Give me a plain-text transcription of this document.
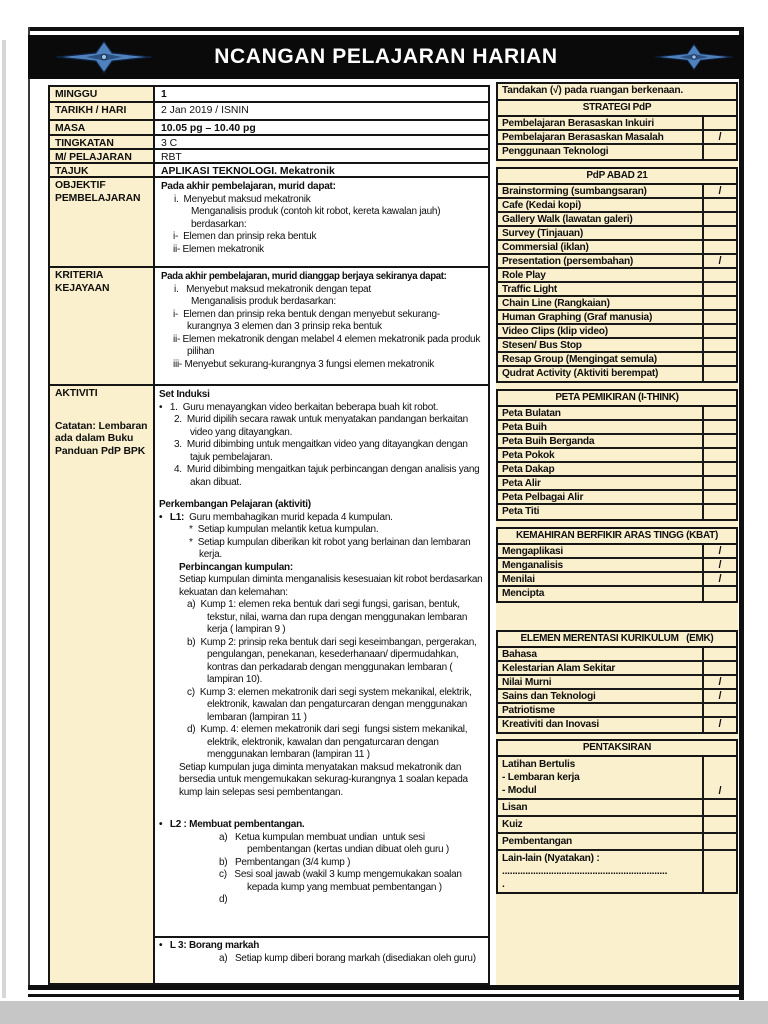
NCANGAN PELAJARAN HARIAN
MINGGU	1
TARIKH / HARI	2 Jan 2019 / ISNIN
MASA	10.05 pg – 10.40 pg
TINGKATAN	3 C
M/ PELAJARAN	RBT
TAJUK	APLIKASI TEKNOLOGI. Mekatronik
OBJEKTIF PEMBELAJARAN
Pada akhir pembelajaran, murid dapat:
i.  Menyebut maksud mekatronik
Menganalisis produk (contoh kit robot, kereta kawalan jauh) berdasarkan:
i-  Elemen dan prinsip reka bentuk
ii- Elemen mekatronik
KRITERIA KEJAYAAN
Pada akhir pembelajaran, murid dianggap berjaya sekiranya dapat:
i.   Menyebut maksud mekatronik dengan tepat
Menganalisis produk berdasarkan:
i-  Elemen dan prinsip reka bentuk dengan menyebut sekurang-kurangnya 3 elemen dan 3 prinsip reka bentuk
ii- Elemen mekatronik dengan melabel 4 elemen mekatronik pada produk pilihan
iii- Menyebut sekurang-kurangnya 3 fungsi elemen mekatronik
AKTIVITI
Catatan: Lembaran ada dalam Buku Panduan PdP BPK
Set Induksi
•   1.  Guru menayangkan video berkaitan beberapa buah kit robot.
2.  Murid dipilih secara rawak untuk menyatakan pandangan berkaitan video yang ditayangkan.
3.  Murid dibimbing untuk mengaitkan video yang ditayangkan dengan tajuk pembelajaran.
4.  Murid dibimbing mengaitkan tajuk perbincangan dengan analisis yang akan dibuat.

Perkembangan Pelajaran (aktiviti)
•   L1:  Guru membahagikan murid kepada 4 kumpulan.
*  Setiap kumpulan melantik ketua kumpulan.
*  Setiap kumpulan diberikan kit robot yang berlainan dan lembaran kerja.
Perbincangan kumpulan:
Setiap kumpulan diminta menganalisis kesesuaian kit robot berdasarkan kekuatan dan kelemahan:
a)  Kump 1: elemen reka bentuk dari segi fungsi, garisan, bentuk, tekstur, nilai, warna dan rupa dengan menggunakan lembaran kerja ( lampiran 9 )
b)  Kump 2: prinsip reka bentuk dari segi keseimbangan, pergerakan, pengulangan, penekanan, kesederhanaan/ dipermudahkan, kontras dan perkadarab dengan menggunakan lembaran ( lampiran 10).
c)  Kump 3: elemen mekatronik dari segi system mekanikal, elektrik, elektronik, kawalan dan pengaturcaran dengan menggunakan lembaran (lampiran 11 )
d)  Kump. 4: elemen mekatronik dari segi  fungsi sistem mekanikal, elektrik, elektronik, kawalan dan pengaturcaran dengan menggunakan lembaran (lampiran 11 )
Setiap kumpulan juga diminta menyatakan maksud mekatronik dan bersedia untuk mengemukakan sekurag-kurangnya 1 soalan kepada kump lain selepas sesi pembentangan.

•   L2 : Membuat pembentangan.
a)   Ketua kumpulan membuat undian  untuk sesi pembentangan (kertas undian dibuat oleh guru )
b)   Pembentangan (3/4 kump )
c)   Sesi soal jawab (wakil 3 kump mengemukakan soalan kepada kump yang membuat pembentangan )
d)
•   L 3: Borang markah
a)   Setiap kump diberi borang markah (disediakan oleh guru)
Tandakan (√) pada ruangan berkenaan.
STRATEGI PdP
Pembelajaran Berasaskan Inkuiri
Pembelajaran Berasaskan Masalah	/
Penggunaan Teknologi
PdP ABAD 21
Brainstorming (sumbangsaran)	/
Cafe (Kedai kopi)
Gallery Walk (lawatan galeri)
Survey (Tinjauan)
Commersial (iklan)
Presentation (persembahan)	/
Role Play
Traffic Light
Chain Line (Rangkaian)
Human Graphing (Graf manusia)
Video Clips (klip video)
Stesen/ Bus Stop
Resap Group (Mengingat semula)
Qudrat Activity (Aktiviti berempat)
PETA PEMIKIRAN (I-THINK)
Peta Bulatan
Peta Buih
Peta Buih Berganda
Peta Pokok
Peta Dakap
Peta Alir
Peta Pelbagai Alir
Peta Titi
KEMAHIRAN BERFIKIR ARAS TINGG (KBAT)
Mengaplikasi	/
Menganalisis	/
Menilai	/
Mencipta
ELEMEN MERENTASI KURIKULUM   (EMK)
Bahasa
Kelestarian Alam Sekitar
Nilai Murni	/
Sains dan Teknologi	/
Patriotisme
Kreativiti dan Inovasi	/
PENTAKSIRAN
Latihan Bertulis
- Lembaran kerja
- Modul	/
Lisan
Kuiz
Pembentangan
Lain-lain (Nyatakan) :
................................................................
.
